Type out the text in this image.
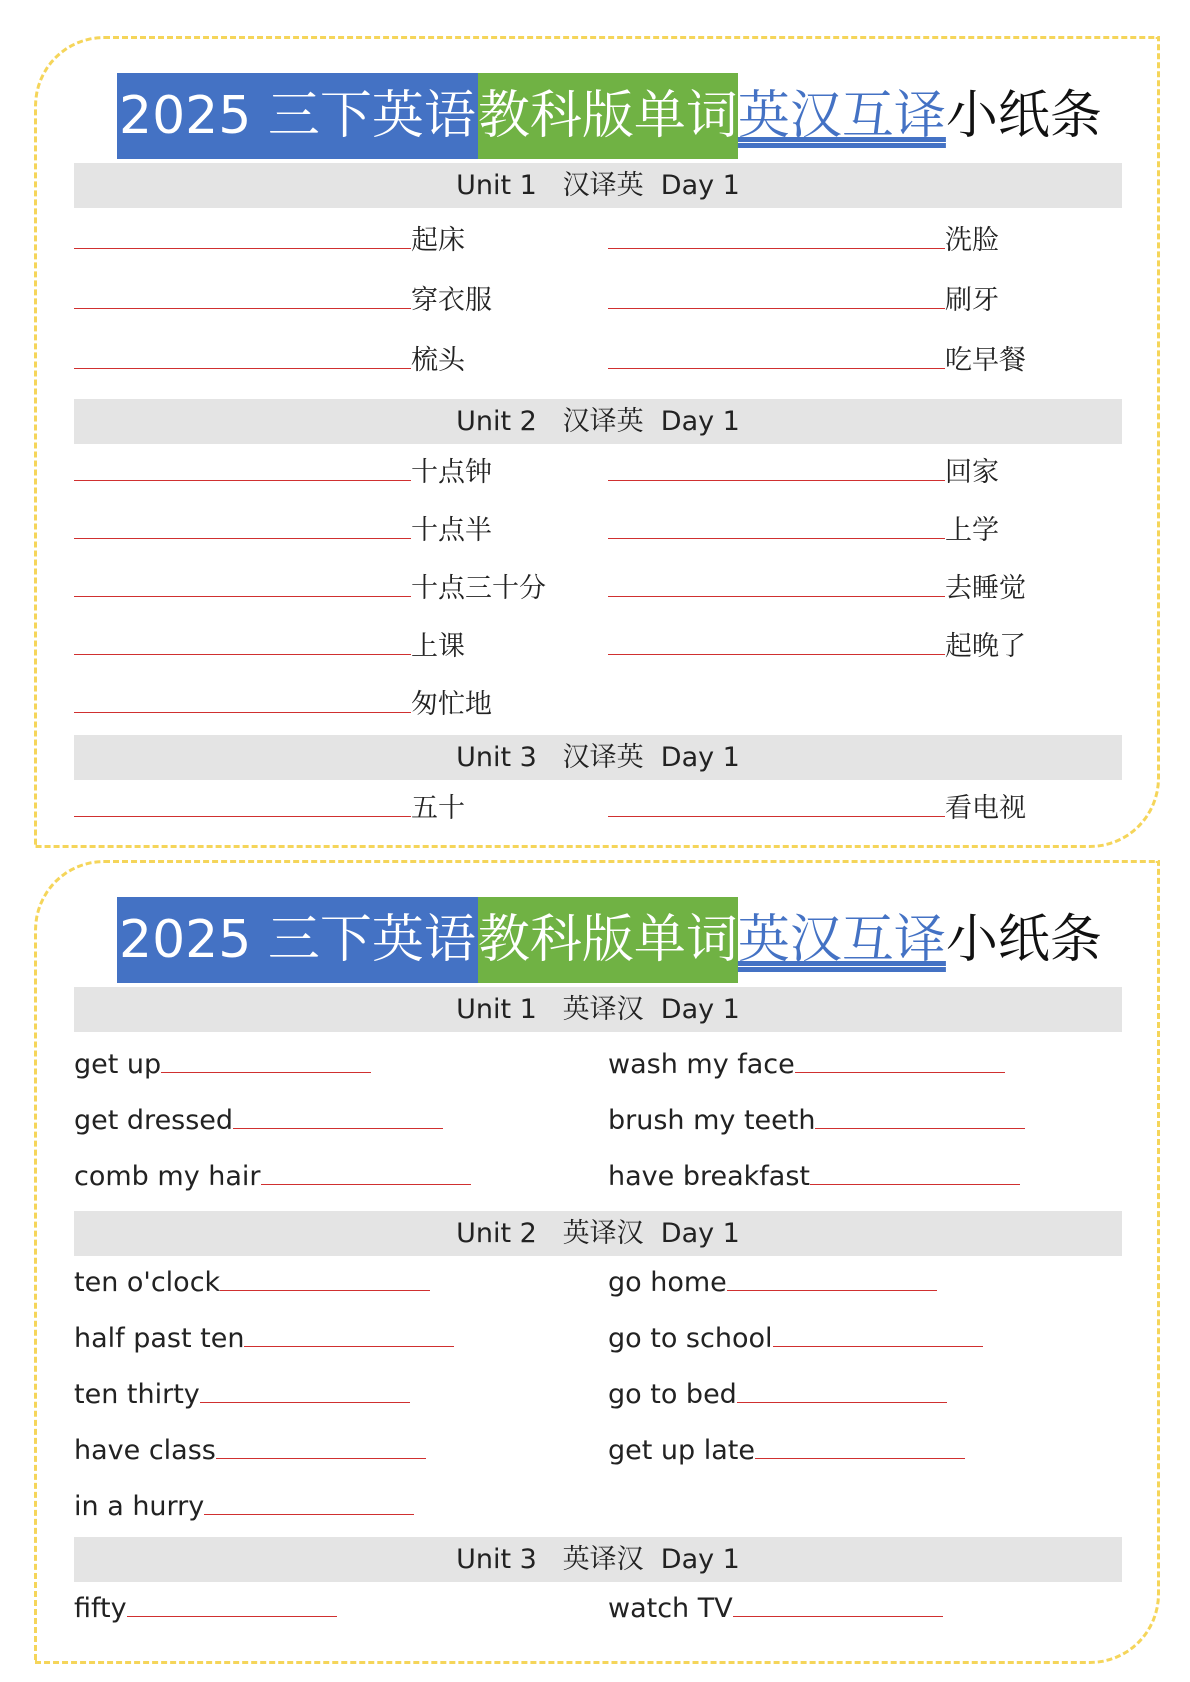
2025 三下英语 教科版单词 英汉互译 小纸条
Unit 1   汉译英  Day 1
起床	洗脸
穿衣服	刷牙
梳头	吃早餐
Unit 2   汉译英  Day 1
十点钟	回家
十点半	上学
十点三十分	去睡觉
上课	起晚了
匆忙地
Unit 3   汉译英  Day 1
五十	看电视
2025 三下英语 教科版单词 英汉互译 小纸条
Unit 1   英译汉  Day 1
get up	wash my face
get dressed	brush my teeth
comb my hair	have breakfast
Unit 2   英译汉  Day 1
ten o'clock	go home
half past ten	go to school
ten thirty	go to bed
have class	get up late
in a hurry
Unit 3   英译汉  Day 1
fifty	watch TV
